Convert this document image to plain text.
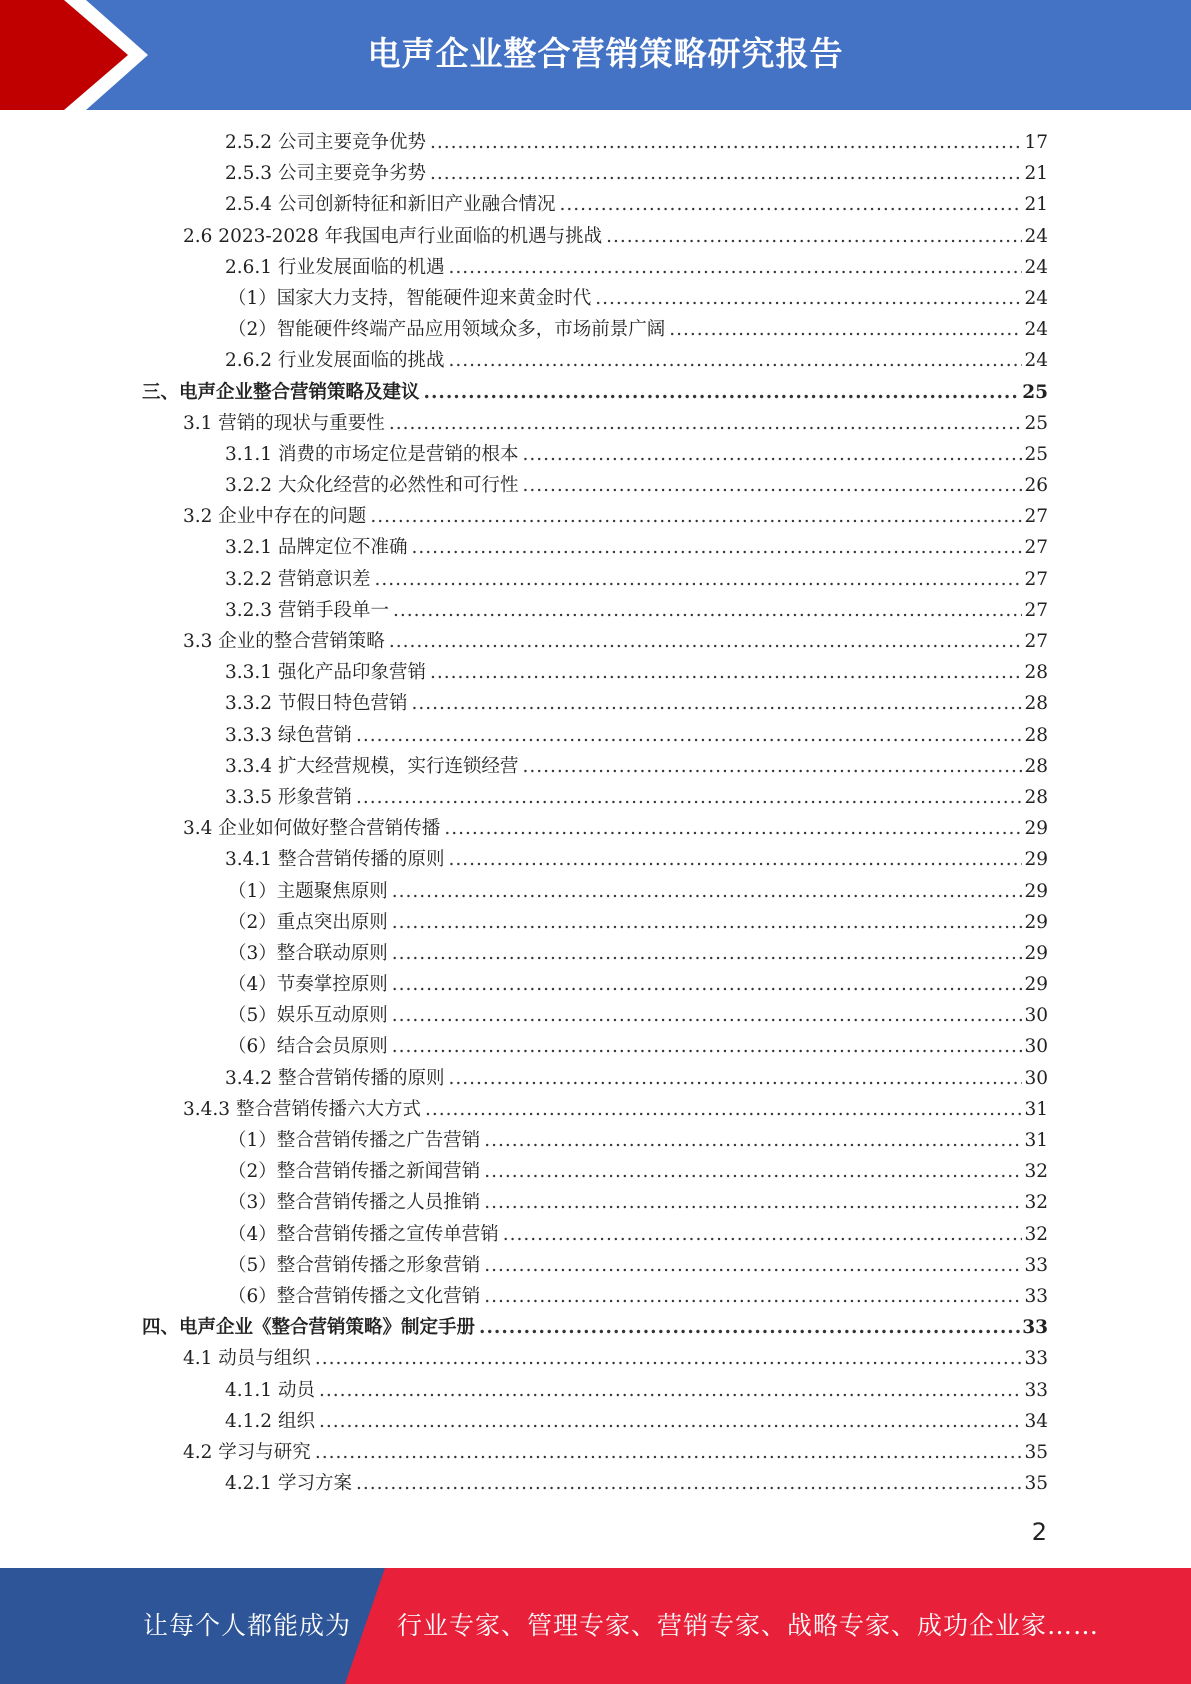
电声企业整合营销策略研究报告
2.5.2 公司主要竞争优势 .....	17
2.5.3 公司主要竞争劣势 .....	21
2.5.4 公司创新特征和新旧产业融合情况 .....	21
2.6 2023-2028 年我国电声行业面临的机遇与挑战 .....	24
2.6.1 行业发展面临的机遇 .....	24
（1）国家大力支持，智能硬件迎来黄金时代 .....	24
（2）智能硬件终端产品应用领域众多，市场前景广阔 .....	24
2.6.2 行业发展面临的挑战 .....	24
三、电声企业整合营销策略及建议 .....	25
3.1 营销的现状与重要性 .....	25
3.1.1 消费的市场定位是营销的根本 .....	25
3.2.2 大众化经营的必然性和可行性 .....	26
3.2 企业中存在的问题 .....	27
3.2.1 品牌定位不准确 .....	27
3.2.2 营销意识差 .....	27
3.2.3 营销手段单一 .....	27
3.3 企业的整合营销策略 .....	27
3.3.1 强化产品印象营销 .....	28
3.3.2 节假日特色营销 .....	28
3.3.3 绿色营销 .....	28
3.3.4 扩大经营规模，实行连锁经营 .....	28
3.3.5 形象营销 .....	28
3.4 企业如何做好整合营销传播 .....	29
3.4.1 整合营销传播的原则 .....	29
（1）主题聚焦原则 .....	29
（2）重点突出原则 .....	29
（3）整合联动原则 .....	29
（4）节奏掌控原则 .....	29
（5）娱乐互动原则 .....	30
（6）结合会员原则 .....	30
3.4.2 整合营销传播的原则 .....	30
3.4.3 整合营销传播六大方式 .....	31
（1）整合营销传播之广告营销 .....	31
（2）整合营销传播之新闻营销 .....	32
（3）整合营销传播之人员推销 .....	32
（4）整合营销传播之宣传单营销 .....	32
（5）整合营销传播之形象营销 .....	33
（6）整合营销传播之文化营销 .....	33
四、电声企业《整合营销策略》制定手册 .....	33
4.1 动员与组织 .....	33
4.1.1 动员 .....	33
4.1.2 组织 .....	34
4.2 学习与研究 .....	35
4.2.1 学习方案 .....	35
2
让每个人都能成为 行业专家、管理专家、营销专家、战略专家、成功企业家……
